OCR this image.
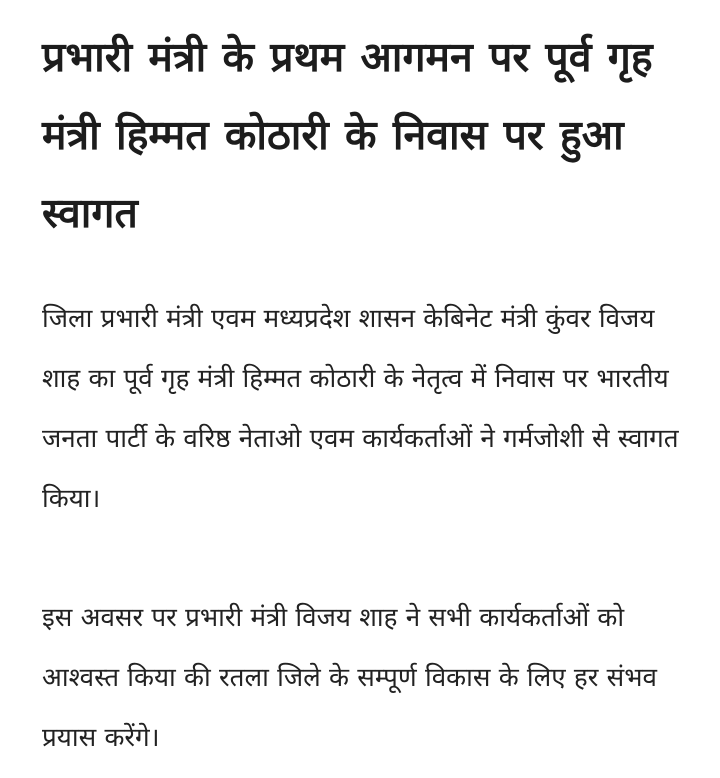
प्रभारी मंत्री के प्रथम आगमन पर पूर्व गृह मंत्री हिम्मत कोठारी के निवास पर हुआ स्वागत

जिला प्रभारी मंत्री एवम मध्यप्रदेश शासन केबिनेट मंत्री कुंवर विजय शाह का पूर्व गृह मंत्री हिम्मत कोठारी के नेतृत्व में निवास पर भारतीय जनता पार्टी के वरिष्ठ नेताओ एवम कार्यकर्ताओं ने गर्मजोशी से स्वागत किया।

इस अवसर पर प्रभारी मंत्री विजय शाह ने सभी कार्यकर्ताओं को आश्वस्त किया की रतला जिले के सम्पूर्ण विकास के लिए हर संभव प्रयास करेंगे।
